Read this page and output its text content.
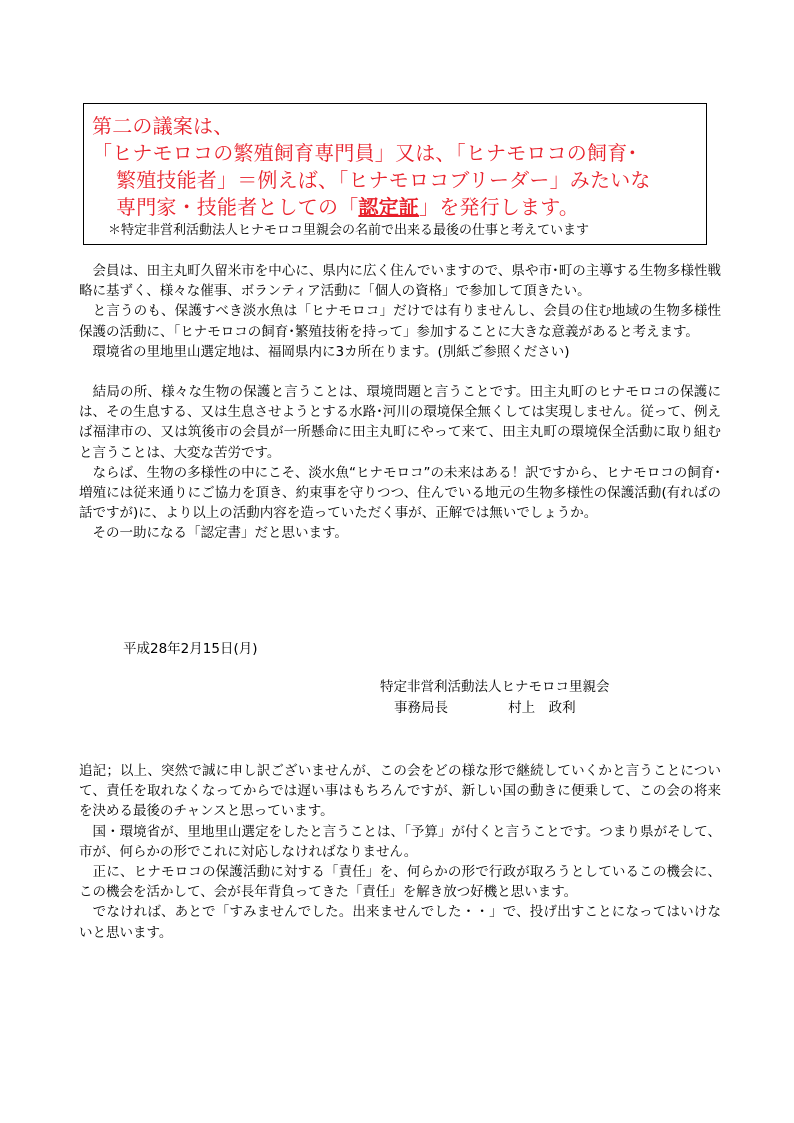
第二の議案は、
「ヒナモロコの繁殖飼育専門員」又は、「ヒナモロコの飼育･
繁殖技能者」＝例えば、「ヒナモロコブリーダー」みたいな
専門家・技能者としての「認定証」を発行します。
＊特定非営利活動法人ヒナモロコ里親会の名前で出来る最後の仕事と考えています

　会員は、田主丸町久留米市を中心に、県内に広く住んでいますので、県や市･町の主導する生物多様性戦略に基ずく、様々な催事、ボランティア活動に「個人の資格」で参加して頂きたい。

　と言うのも、保護すべき淡水魚は「ヒナモロコ」だけでは有りませんし、会員の住む地域の生物多様性保護の活動に、「ヒナモロコの飼育･繁殖技術を持って」参加することに大きな意義があると考えます。

　環境省の里地里山選定地は、福岡県内に3カ所在ります。(別紙ご参照ください)

　結局の所、様々な生物の保護と言うことは、環境問題と言うことです。田主丸町のヒナモロコの保護には、その生息する、又は生息させようとする水路･河川の環境保全無くしては実現しません。従って、例えば福津市の、又は筑後市の会員が一所懸命に田主丸町にやって来て、田主丸町の環境保全活動に取り組むと言うことは、大変な苦労です。

　ならば、生物の多様性の中にこそ、淡水魚“ヒナモロコ”の未来はある！訳ですから、ヒナモロコの飼育･増殖には従来通りにご協力を頂き、約束事を守りつつ、住んでいる地元の生物多様性の保護活動(有ればの話ですが)に、より以上の活動内容を造っていただく事が、正解では無いでしょうか。

　その一助になる「認定書」だと思います。

平成28年2月15日(月)
特定非営利活動法人ヒナモロコ里親会
事務局長	村上　政利

追記；以上、突然で誠に申し訳ございませんが、この会をどの様な形で継続していくかと言うことについて、責任を取れなくなってからでは遅い事はもちろんですが、新しい国の動きに便乗して、この会の将来を決める最後のチャンスと思っています。

　国・環境省が、里地里山選定をしたと言うことは、「予算」が付くと言うことです。つまり県がそして、市が、何らかの形でこれに対応しなければなりません。

　正に、ヒナモロコの保護活動に対する「責任」を、何らかの形で行政が取ろうとしているこの機会に、この機会を活かして、会が長年背負ってきた「責任」を解き放つ好機と思います。

　でなければ、あとで「すみませんでした。出来ませんでした・・」で、投げ出すことになってはいけないと思います。
